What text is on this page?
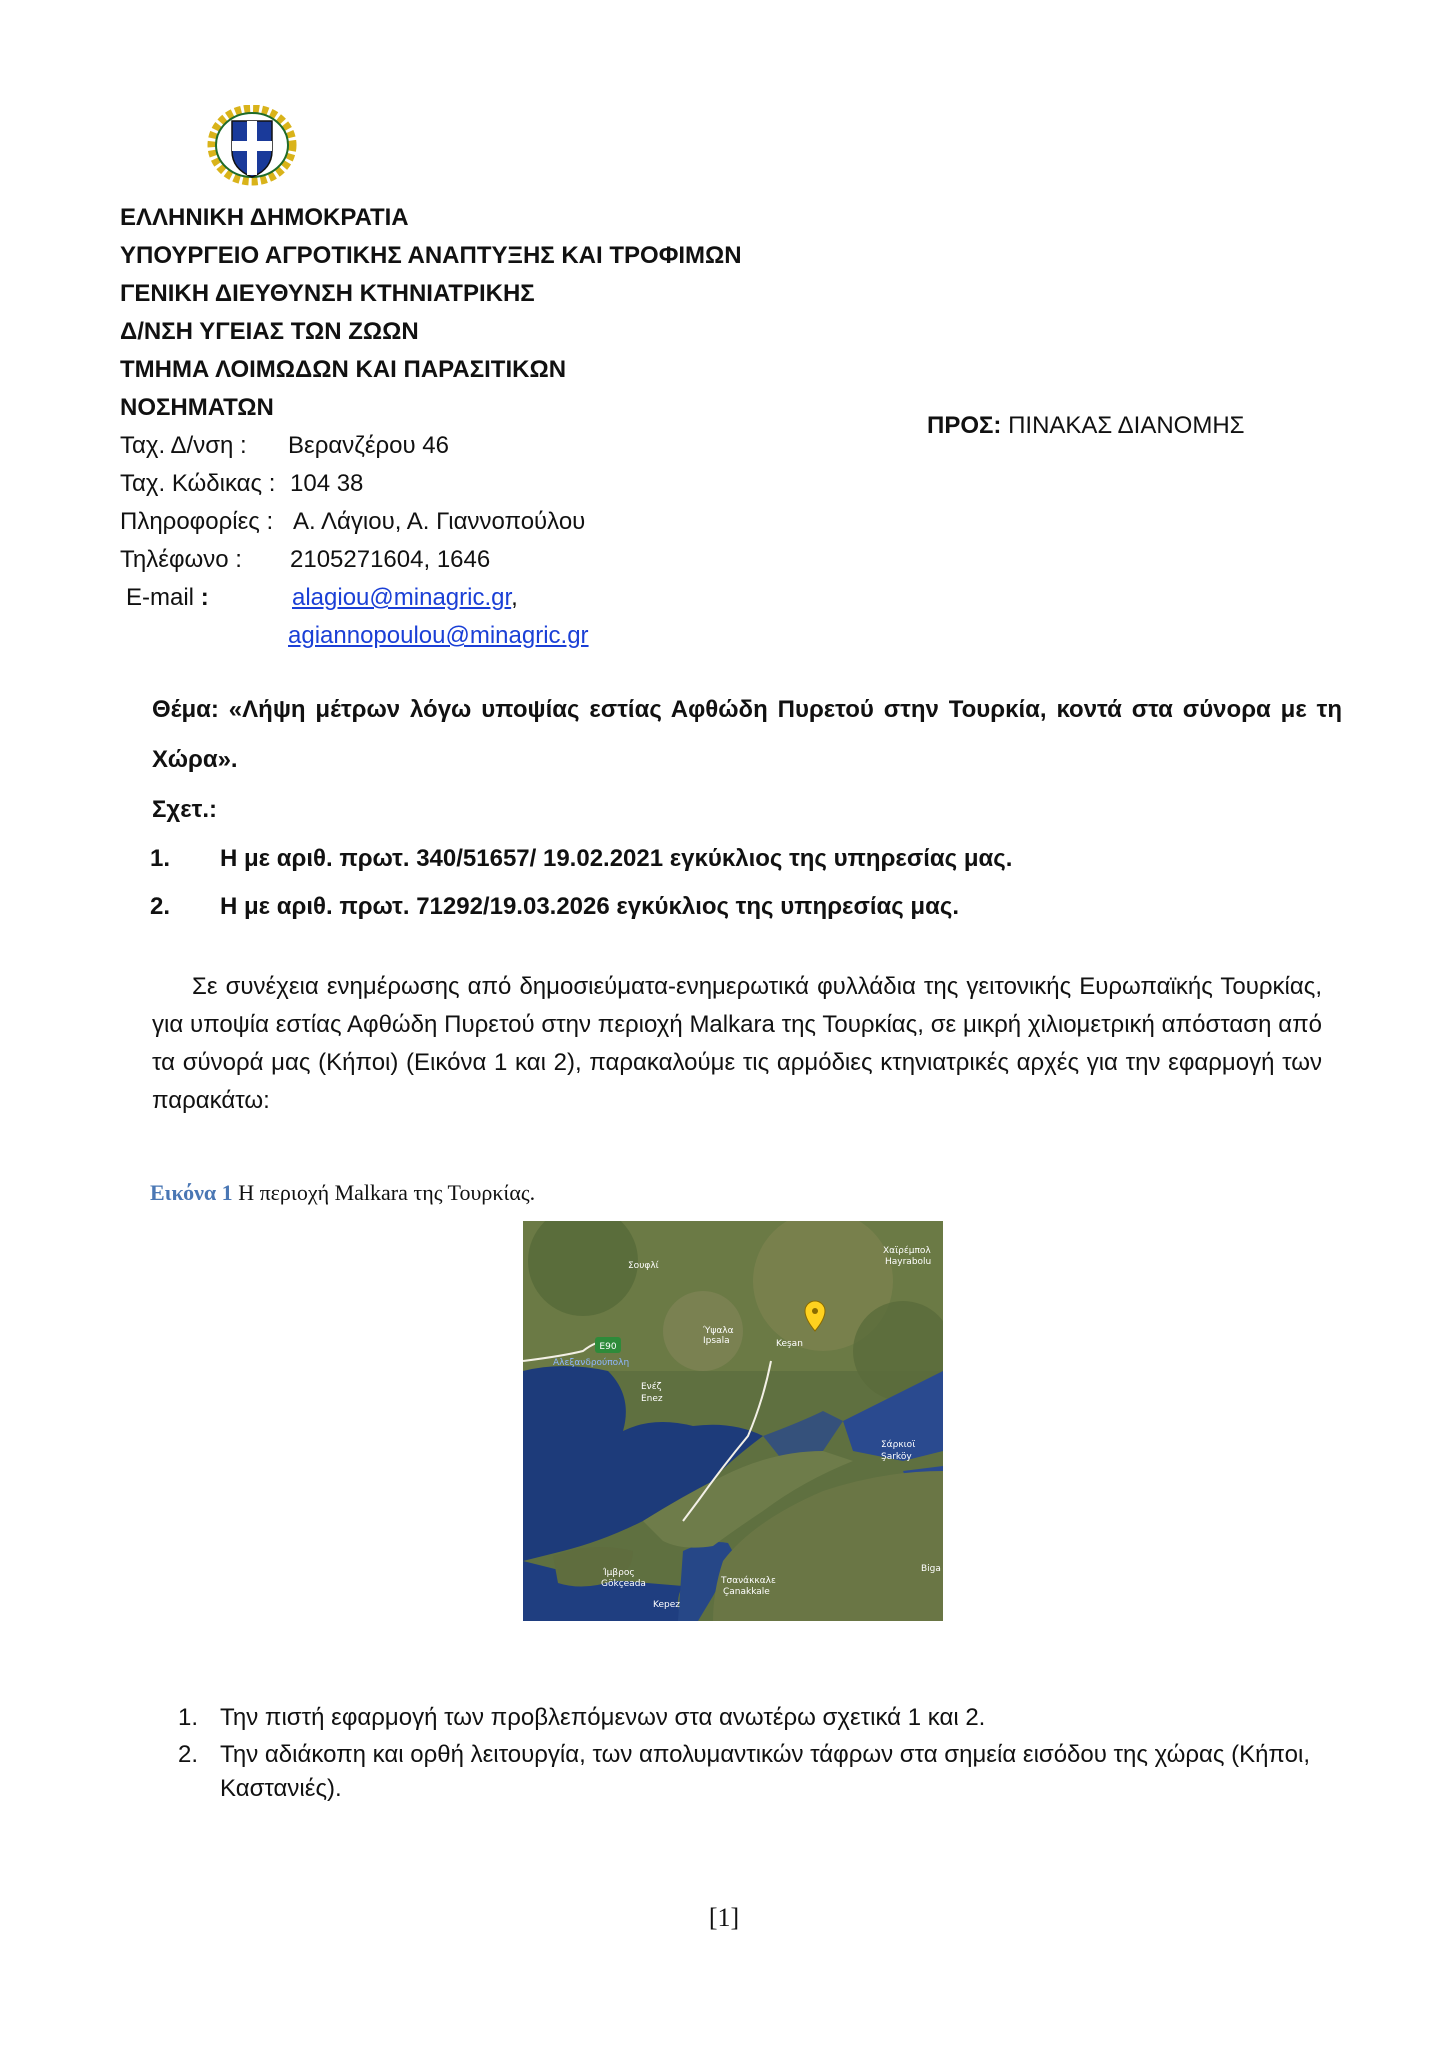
ΕΛΛΗΝΙΚΗ ΔΗΜΟΚΡΑΤΙΑ
ΥΠΟΥΡΓΕΙΟ ΑΓΡΟΤΙΚΗΣ ΑΝΑΠΤΥΞΗΣ ΚΑΙ ΤΡΟΦΙΜΩΝ
ΓΕΝΙΚΗ ΔΙΕΥΘΥΝΣΗ ΚΤΗΝΙΑΤΡΙΚΗΣ
Δ/ΝΣΗ ΥΓΕΙΑΣ ΤΩΝ ΖΩΩΝ
ΤΜΗΜΑ ΛΟΙΜΩΔΩΝ ΚΑΙ ΠΑΡΑΣΙΤΙΚΩΝ
ΝΟΣΗΜΑΤΩΝ
Ταχ. Δ/νση : Βερανζέρου 46
Ταχ. Κώδικας : 104 38
Πληροφορίες : Α. Λάγιου, Α. Γιαννοπούλου
Τηλέφωνο : 2105271604, 1646
E-mail :	alagiou@minagric.gr,
agiannopoulou@minagric.gr
ΠΡΟΣ: ΠΙΝΑΚΑΣ ΔΙΑΝΟΜΗΣ
Θέμα: «Λήψη μέτρων λόγω υποψίας εστίας Αφθώδη Πυρετού στην Τουρκία, κοντά στα σύνορα με τη
Χώρα».
Σχετ.:
1. Η με αριθ. πρωτ. 340/51657/ 19.02.2021 εγκύκλιος της υπηρεσίας μας.
2. Η με αριθ. πρωτ. 71292/19.03.2026 εγκύκλιος της υπηρεσίας μας.
Σε συνέχεια ενημέρωσης από δημοσιεύματα-ενημερωτικά φυλλάδια της γειτονικής Ευρωπαϊκής Τουρκίας, για υποψία εστίας Αφθώδη Πυρετού στην περιοχή Malkara της Τουρκίας, σε μικρή χιλιομετρική απόσταση από τα σύνορά μας (Κήποι) (Εικόνα 1 και 2), παρακαλούμε τις αρμόδιες κτηνιατρικές αρχές για την εφαρμογή των παρακάτω:
Εικόνα 1 Η περιοχή Malkara της Τουρκίας.
E90
Σουφλί
Χαϊρέμπολ
Hayrabolu
Ύψαλα
Ipsala	Keşan
Αλεξανδρούπολη
Ενέζ
Enez
Σάρκιοϊ
Şarköy
Ίμβρος
Gökçeada	Τσανάκκαλε
Çanakkale
Kepez
Biga
1. Την πιστή εφαρμογή των προβλεπόμενων στα ανωτέρω σχετικά 1 και 2.
2. Την αδιάκοπη και ορθή λειτουργία, των απολυμαντικών τάφρων στα σημεία εισόδου της χώρας (Κήποι, Καστανιές).
[1]
